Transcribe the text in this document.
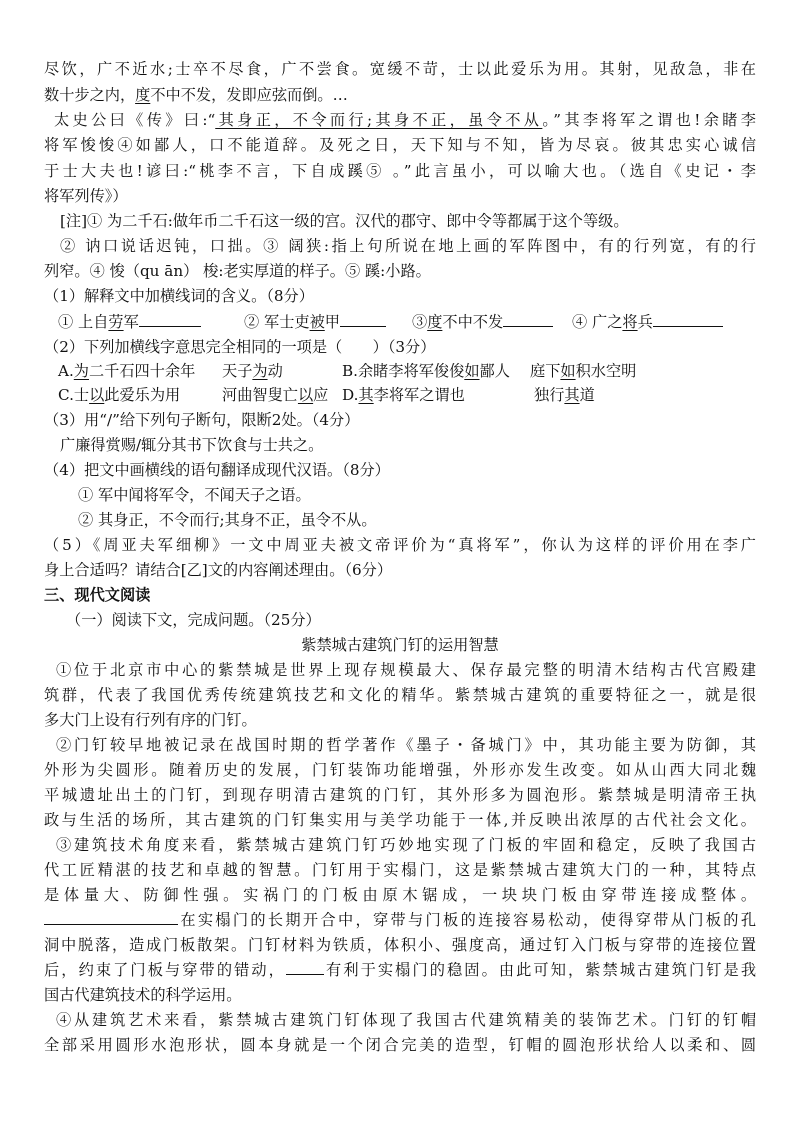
尽饮，广不近水;士卒不尽食，广不尝食。宽缓不苛，士以此爱乐为用。其射，见敌急，非在

数十步之内，度不中不发，发即应弦而倒。…

太史公曰《传》曰:“其身正，不令而行;其身不正，虽令不从。”其李将军之谓也!余睹李

将军悛悛④如鄙人，口不能道辞。及死之日，天下知与不知，皆为尽哀。彼其忠实心诚信

于士大夫也!谚曰:“桃李不言，下自成蹊⑤ 。”此言虽小，可以喻大也。（选自《史记・李

将军列传》）

[注]① 为二千石:做年币二千石这一级的宫。汉代的郡守、郎中令等都属于这个等级。

② 讷口说话迟钝，口拙。③ 阔狭:指上句所说在地上画的军阵图中，有的行列宽，有的行

列窄。④ 悛（qu ān） 梭:老实厚道的样子。⑤ 蹊:小路。

（1）解释文中加横线词的含义。（8分）

① 上自劳军	② 军士吏被甲	③度不中不发	④ 广之将兵

（2）下列加横线字意思完全相同的一项是（　　）（3分）

A.为二千石四十余年 天子为动	B.余睹李将军俊俊如鄙人 庭下如积水空明

C.士以此爱乐为用	河曲智叟亡以应 D.其李将军之谓也	独行其道

（3）用“/”给下列句子断句，限断2处。（4分）

广廉得赏赐/辄分其书下饮食与士共之。

（4）把文中画横线的语句翻译成现代汉语。（8分）

① 军中闻将军令，不闻天子之语。

② 其身正，不令而行;其身不正，虽令不从。

（5）《周亚夫军细柳》一文中周亚夫被文帝评价为“真将军”，你认为这样的评价用在李广

身上合适吗？请结合[乙]文的内容阐述理由。（6分）

三、现代文阅读

（一）阅读下文，完成问题。（25分）

紫禁城古建筑门钉的运用智慧

①位于北京市中心的紫禁城是世界上现存规模最大、保存最完整的明清木结构古代宫殿建

筑群，代表了我国优秀传统建筑技艺和文化的精华。紫禁城古建筑的重要特征之一，就是很

多大门上设有行列有序的门钉。

②门钉较早地被记录在战国时期的哲学著作《墨子・备城门》中，其功能主要为防御，其

外形为尖圆形。随着历史的发展，门钉装饰功能增强，外形亦发生改变。如从山西大同北魏

平城遗址出土的门钉，到现存明清古建筑的门钉，其外形多为圆泡形。紫禁城是明清帝王执

政与生活的场所，其古建筑的门钉集实用与美学功能于一体,并反映出浓厚的古代社会文化。

③建筑技术角度来看，紫禁城古建筑门钉巧妙地实现了门板的牢固和稳定，反映了我国古

代工匠精湛的技艺和卓越的智慧。门钉用于实榻门，这是紫禁城古建筑大门的一种，其特点

是体量大、防御性强。实祸门的门板由原木锯成，一块块门板由穿带连接成整体。

在实榻门的长期开合中，穿带与门板的连接容易松动，使得穿带从门板的孔

洞中脱落，造成门板散架。门钉材料为铁质，体积小、强度高，通过钉入门板与穿带的连接位置

后，约束了门板与穿带的错动，	有利于实榻门的稳固。由此可知，紫禁城古建筑门钉是我

国古代建筑技术的科学运用。

④从建筑艺术来看，紫禁城古建筑门钉体现了我国古代建筑精美的装饰艺术。门钉的钉帽

全部采用圆形水泡形状，圆本身就是一个闭合完美的造型，钉帽的圆泡形状给人以柔和、圆
